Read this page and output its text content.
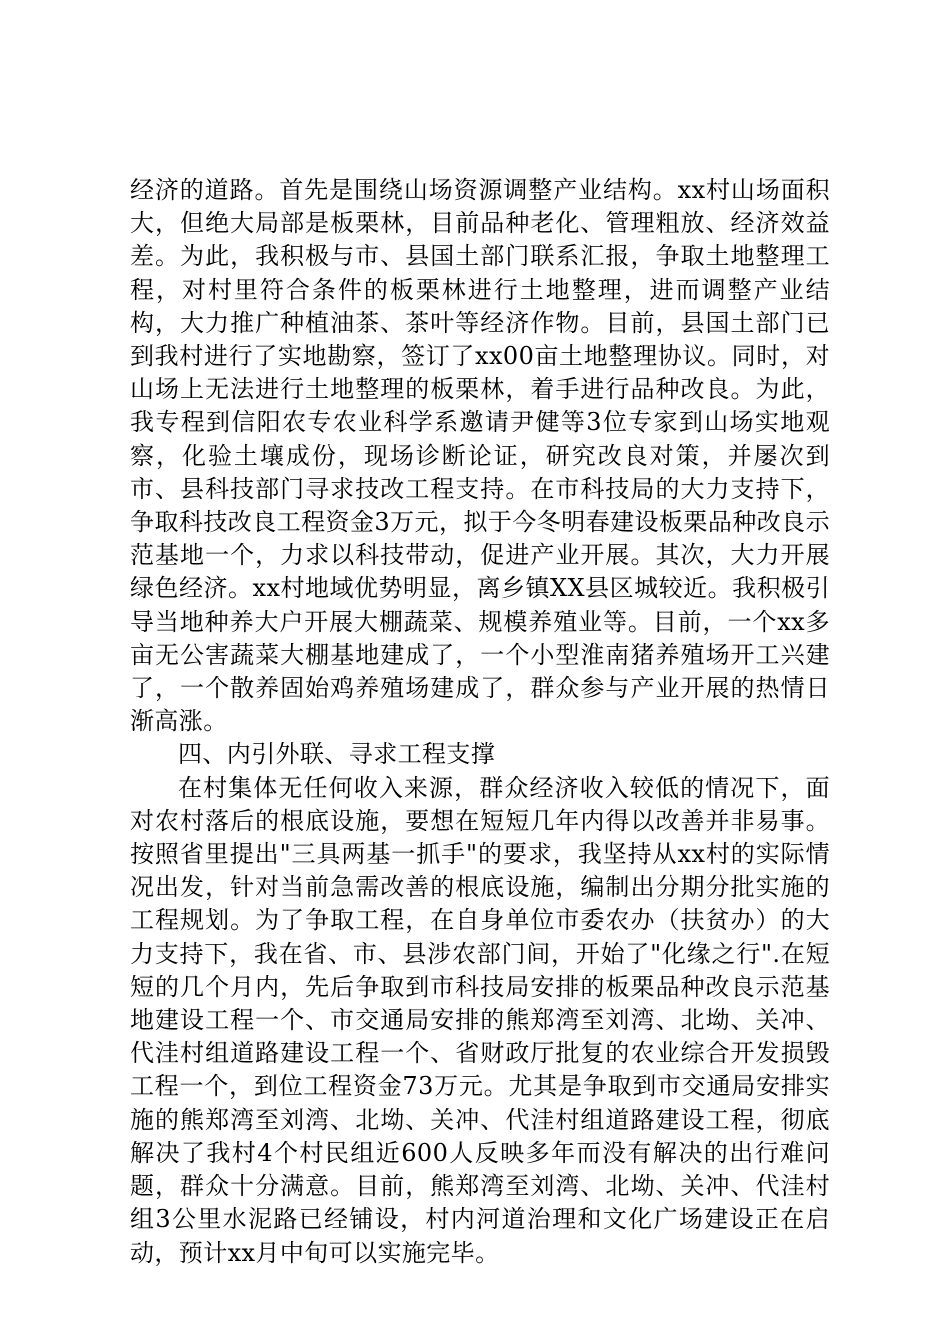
经济的道路。首先是围绕山场资源调整产业结构。xx村山场面积大，但绝大局部是板栗林，目前品种老化、管理粗放、经济效益差。为此，我积极与市、县国土部门联系汇报，争取土地整理工程，对村里符合条件的板栗林进行土地整理，进而调整产业结构，大力推广种植油茶、茶叶等经济作物。目前，县国土部门已到我村进行了实地勘察，签订了xx00亩土地整理协议。同时，对山场上无法进行土地整理的板栗林，着手进行品种改良。为此，我专程到信阳农专农业科学系邀请尹健等3位专家到山场实地观察，化验土壤成份，现场诊断论证，研究改良对策，并屡次到市、县科技部门寻求技改工程支持。在市科技局的大力支持下，争取科技改良工程资金3万元，拟于今冬明春建设板栗品种改良示范基地一个，力求以科技带动，促进产业开展。其次，大力开展绿色经济。xx村地域优势明显，离乡镇XX县区城较近。我积极引导当地种养大户开展大棚蔬菜、规模养殖业等。目前，一个xx多亩无公害蔬菜大棚基地建成了，一个小型淮南猪养殖场开工兴建了，一个散养固始鸡养殖场建成了，群众参与产业开展的热情日渐高涨。

四、内引外联、寻求工程支撑

在村集体无任何收入来源，群众经济收入较低的情况下，面对农村落后的根底设施，要想在短短几年内得以改善并非易事。按照省里提出"三具两基一抓手"的要求，我坚持从xx村的实际情况出发，针对当前急需改善的根底设施，编制出分期分批实施的工程规划。为了争取工程，在自身单位市委农办（扶贫办）的大力支持下，我在省、市、县涉农部门间，开始了"化缘之行".在短短的几个月内，先后争取到市科技局安排的板栗品种改良示范基地建设工程一个、市交通局安排的熊郑湾至刘湾、北坳、关冲、代洼村组道路建设工程一个、省财政厅批复的农业综合开发损毁工程一个，到位工程资金73万元。尤其是争取到市交通局安排实施的熊郑湾至刘湾、北坳、关冲、代洼村组道路建设工程，彻底解决了我村4个村民组近600人反映多年而没有解决的出行难问题，群众十分满意。目前，熊郑湾至刘湾、北坳、关冲、代洼村组3公里水泥路已经铺设，村内河道治理和文化广场建设正在启动，预计xx月中旬可以实施完毕。
